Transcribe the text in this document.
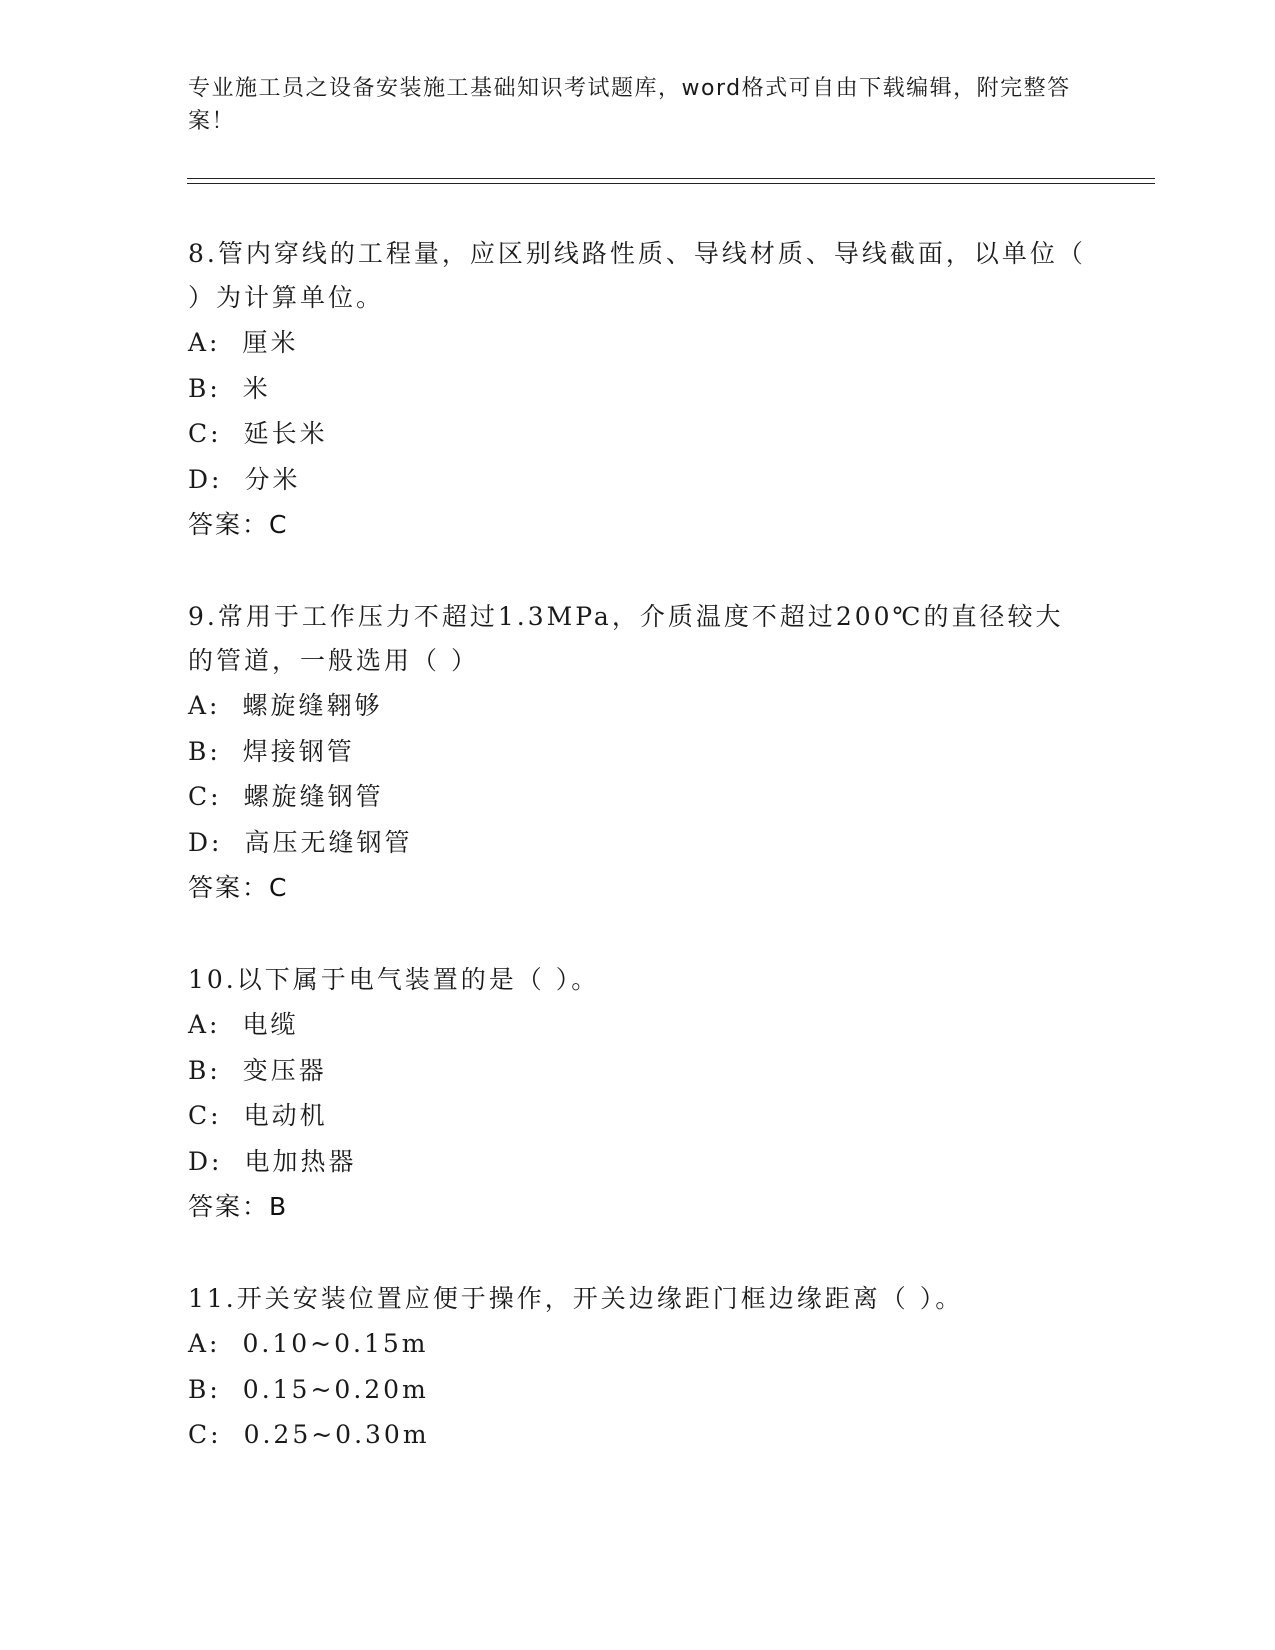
专业施工员之设备安装施工基础知识考试题库，word格式可自由下载编辑，附完整答案！
8.管内穿线的工程量，应区别线路性质、导线材质、导线截面，以单位（ ）为计算单位。
A: 厘米
B: 米
C: 延长米
D: 分米
答案：C
9.常用于工作压力不超过1.3MPa，介质温度不超过200℃的直径较大的管道，一般选用（ ）
A: 螺旋缝翱够
B: 焊接钢管
C: 螺旋缝钢管
D: 高压无缝钢管
答案：C
10.以下属于电气装置的是（ ）。
A: 电缆
B: 变压器
C: 电动机
D: 电加热器
答案：B
11.开关安装位置应便于操作，开关边缘距门框边缘距离（ ）。
A: 0.10~0.15m
B: 0.15~0.20m
C: 0.25~0.30m
